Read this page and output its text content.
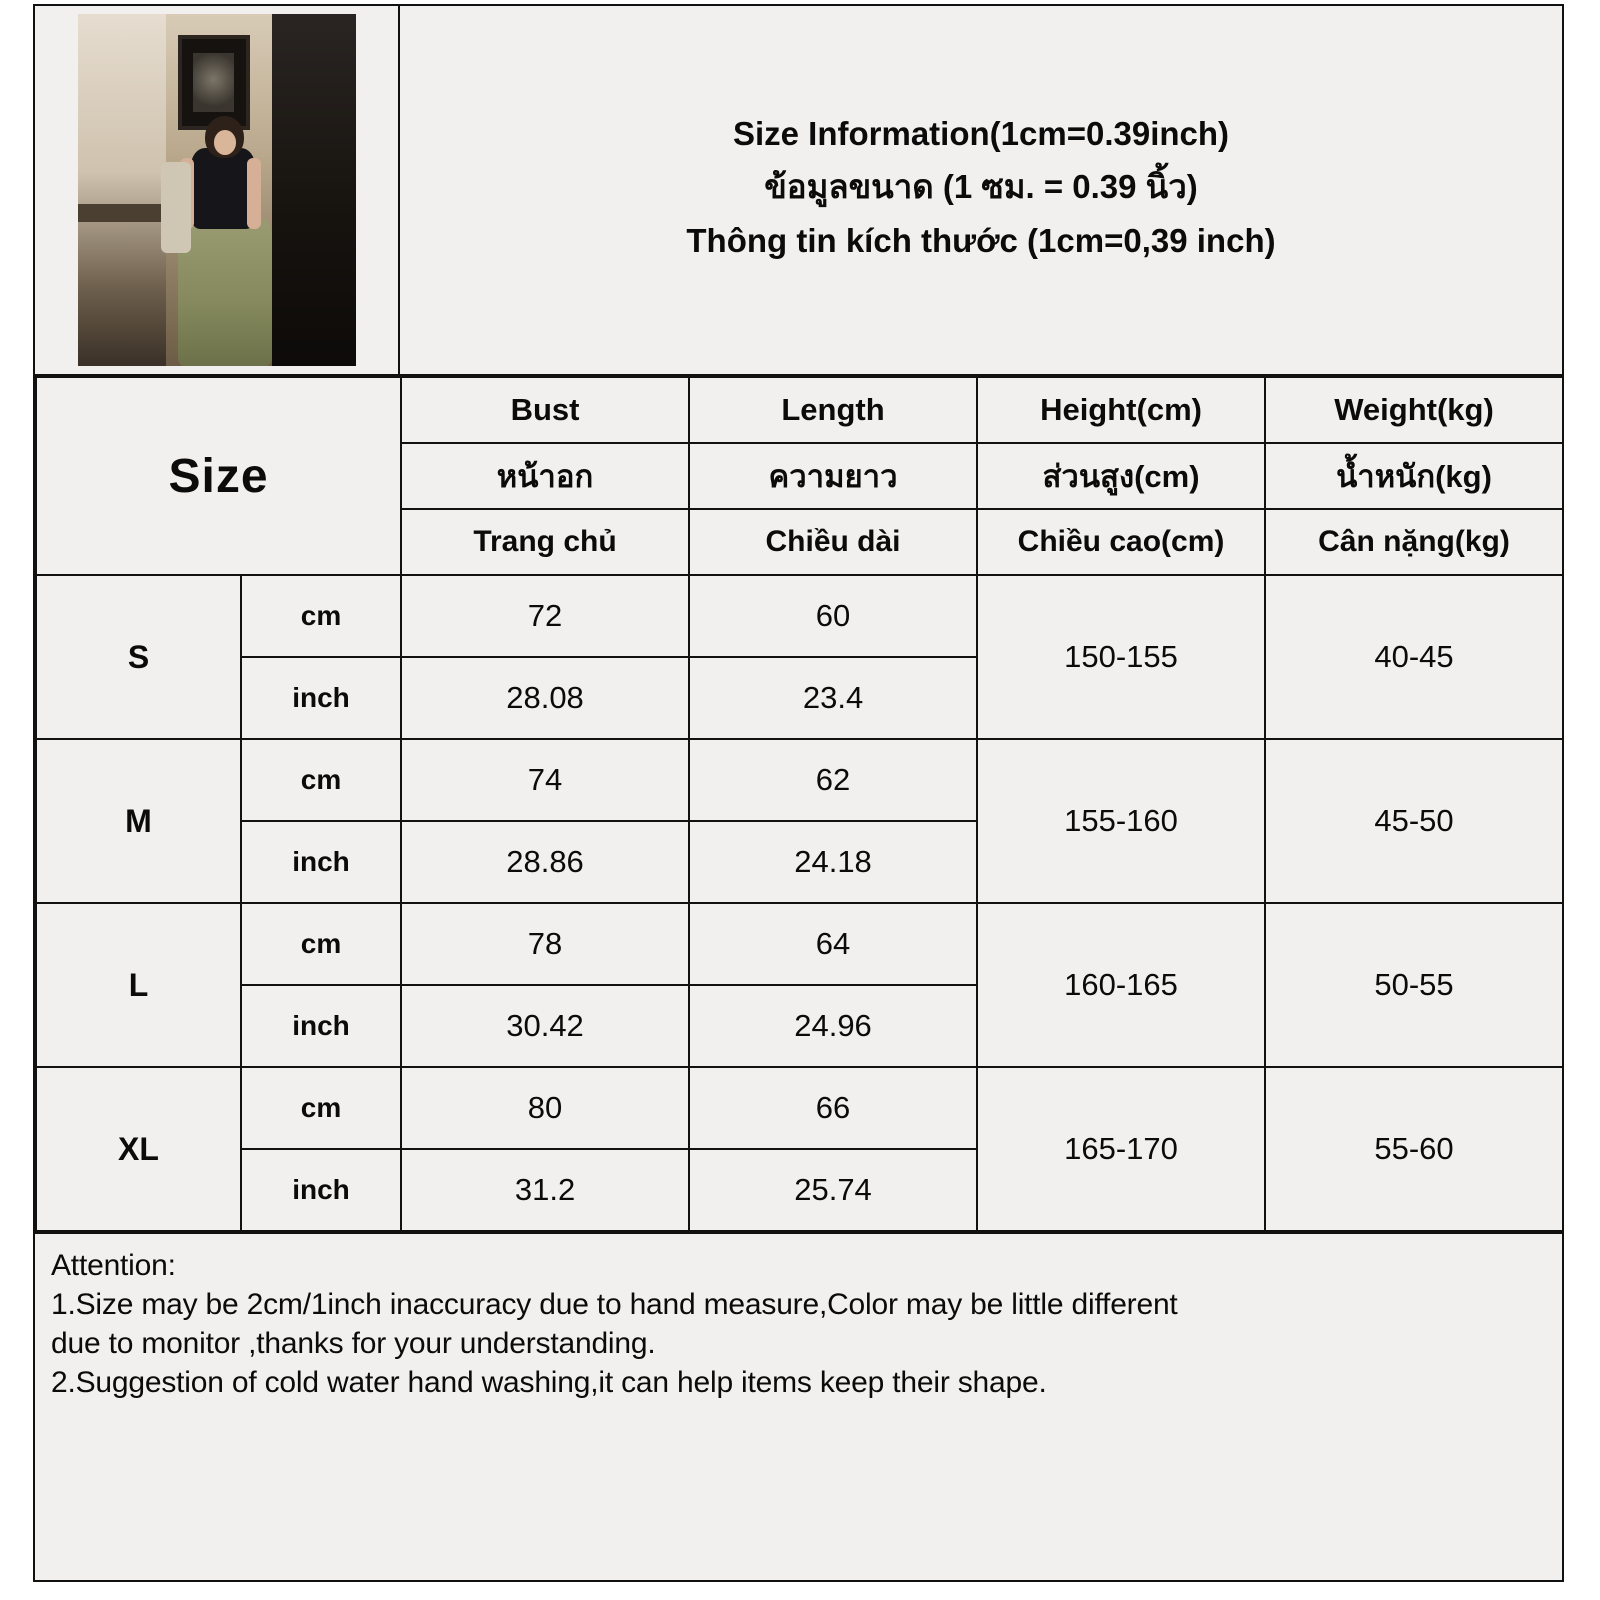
Size Information(1cm=0.39inch)
ข้อมูลขนาด (1 ซม. = 0.39 นิ้ว)
Thông tin kích thước (1cm=0,39 inch)
Size		Bust	Length	Height(cm)	Weight(kg)
		หน้าอก	ความยาว	ส่วนสูง(cm)	น้ำหนัก(kg)
		Trang chủ	Chiều dài	Chiều cao(cm)	Cân nặng(kg)
S	cm	72	60	150-155	40-45
	inch	28.08	23.4		
M	cm	74	62	155-160	45-50
	inch	28.86	24.18		
L	cm	78	64	160-165	50-55
	inch	30.42	24.96		
XL	cm	80	66	165-170	55-60
	inch	31.2	25.74		
Attention:
1.Size may be 2cm/1inch inaccuracy due to hand measure,Color may be little different
due to monitor ,thanks for your understanding.
2.Suggestion of cold water hand washing,it can help items keep their shape.
